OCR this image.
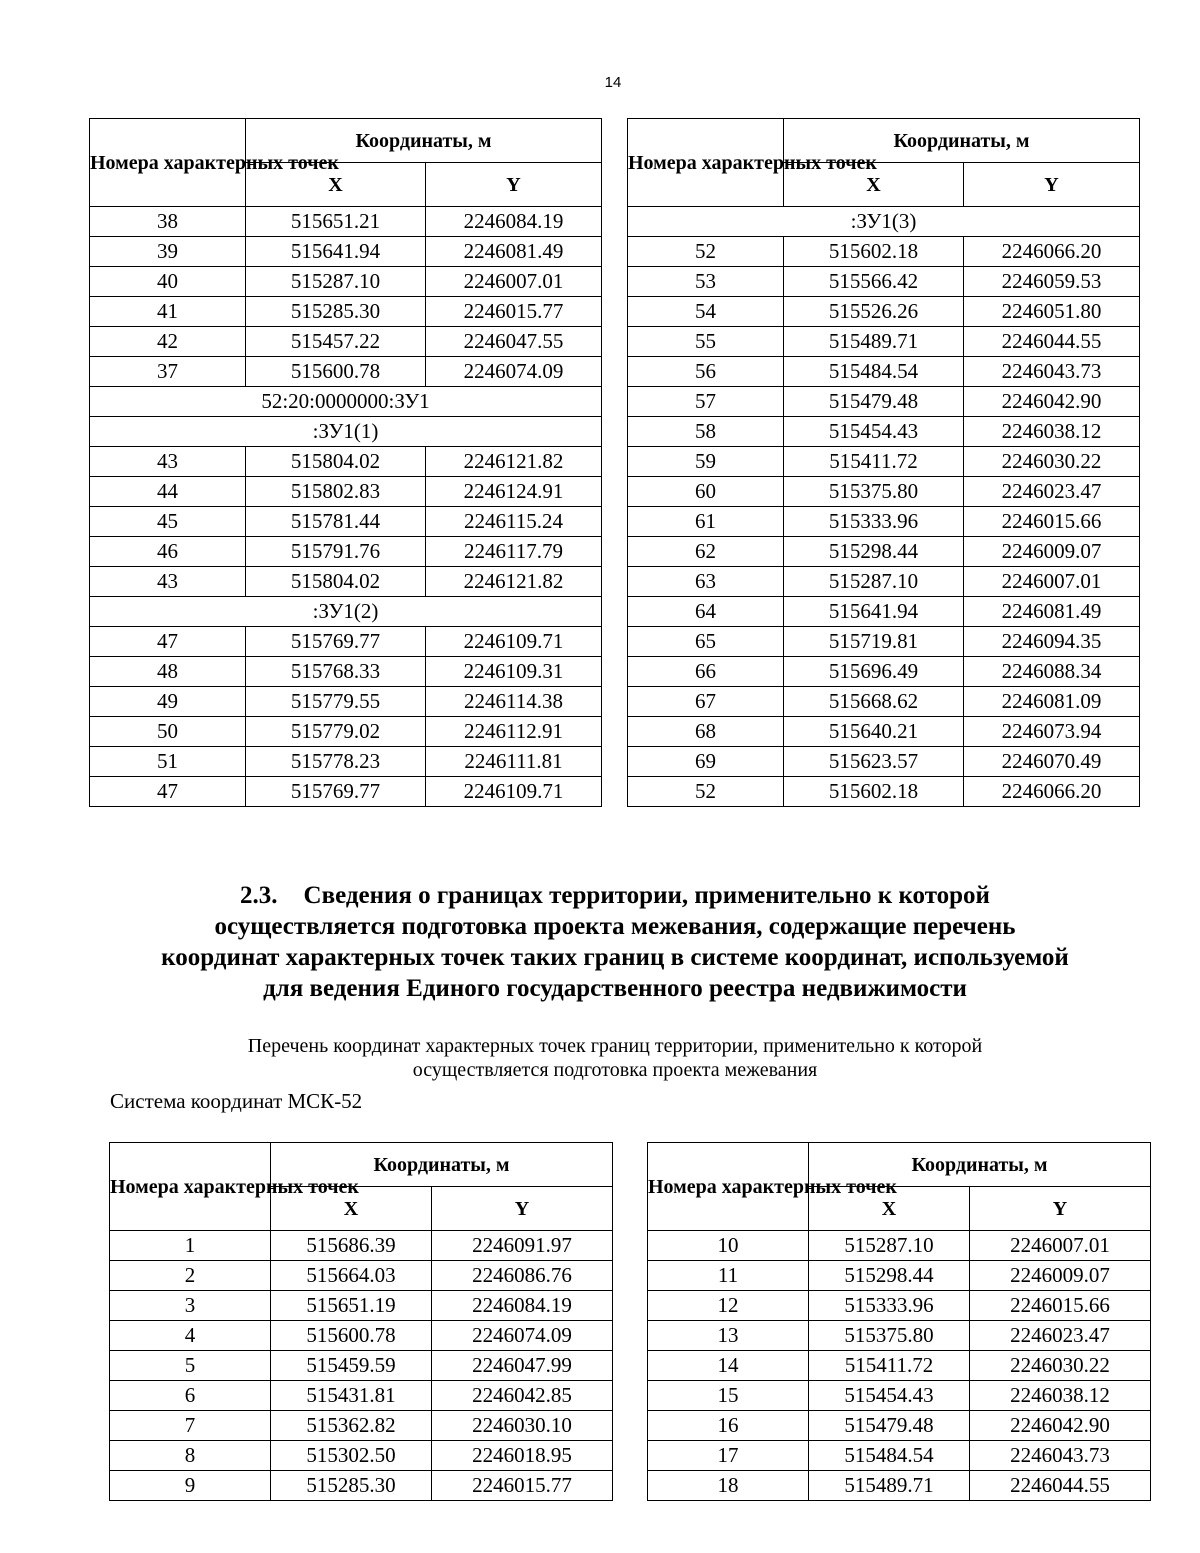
14
Номера характерных точек	Координаты, м	
	X	Y
38	515651.21	2246084.19
39	515641.94	2246081.49
40	515287.10	2246007.01
41	515285.30	2246015.77
42	515457.22	2246047.55
37	515600.78	2246074.09
52:20:0000000:ЗУ1		
:ЗУ1(1)		
43	515804.02	2246121.82
44	515802.83	2246124.91
45	515781.44	2246115.24
46	515791.76	2246117.79
43	515804.02	2246121.82
:ЗУ1(2)		
47	515769.77	2246109.71
48	515768.33	2246109.31
49	515779.55	2246114.38
50	515779.02	2246112.91
51	515778.23	2246111.81
47	515769.77	2246109.71
Номера характерных точек	Координаты, м	
	X	Y
:ЗУ1(3)		
52	515602.18	2246066.20
53	515566.42	2246059.53
54	515526.26	2246051.80
55	515489.71	2246044.55
56	515484.54	2246043.73
57	515479.48	2246042.90
58	515454.43	2246038.12
59	515411.72	2246030.22
60	515375.80	2246023.47
61	515333.96	2246015.66
62	515298.44	2246009.07
63	515287.10	2246007.01
64	515641.94	2246081.49
65	515719.81	2246094.35
66	515696.49	2246088.34
67	515668.62	2246081.09
68	515640.21	2246073.94
69	515623.57	2246070.49
52	515602.18	2246066.20
2.3. Сведения о границах территории, применительно к которой
осуществляется подготовка проекта межевания, содержащие перечень
координат характерных точек таких границ в системе координат, используемой
для ведения Единого государственного реестра недвижимости
Перечень координат характерных точек границ территории, применительно к которой
осуществляется подготовка проекта межевания
Система координат МСК-52
Номера характерных точек	Координаты, м	
	X	Y
1	515686.39	2246091.97
2	515664.03	2246086.76
3	515651.19	2246084.19
4	515600.78	2246074.09
5	515459.59	2246047.99
6	515431.81	2246042.85
7	515362.82	2246030.10
8	515302.50	2246018.95
9	515285.30	2246015.77
Номера характерных точек	Координаты, м	
	X	Y
10	515287.10	2246007.01
11	515298.44	2246009.07
12	515333.96	2246015.66
13	515375.80	2246023.47
14	515411.72	2246030.22
15	515454.43	2246038.12
16	515479.48	2246042.90
17	515484.54	2246043.73
18	515489.71	2246044.55
